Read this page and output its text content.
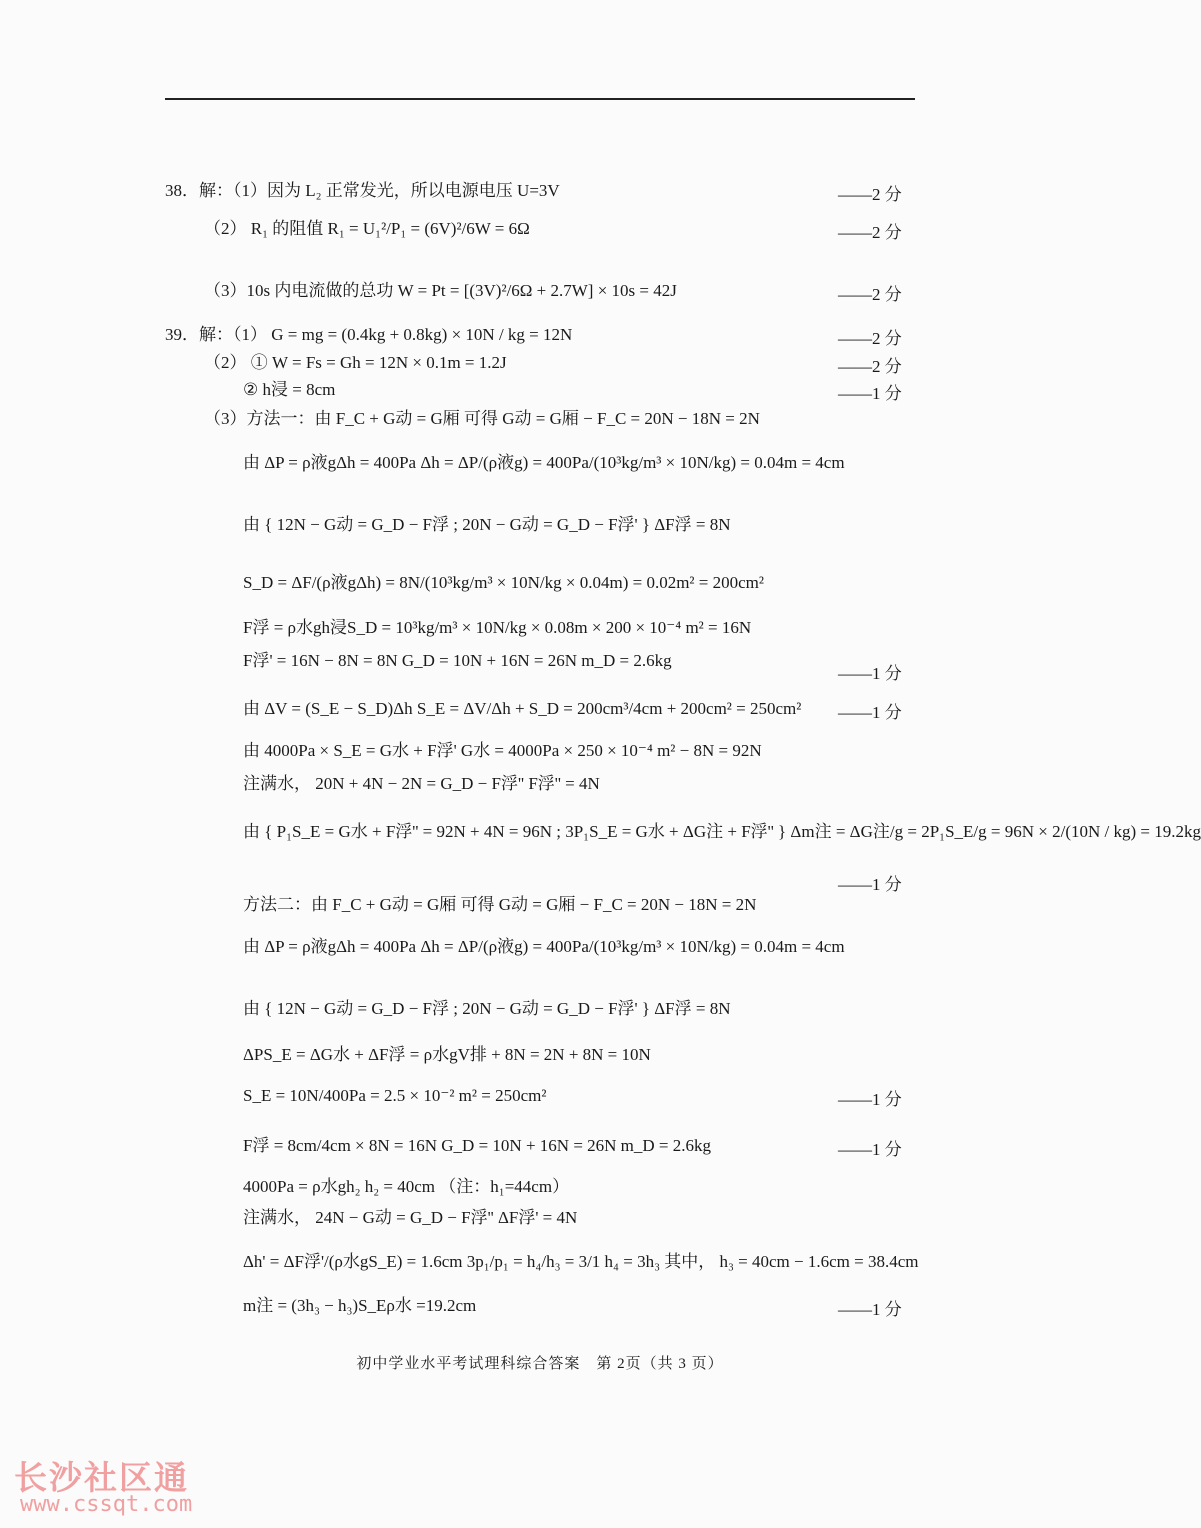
38．解：（1）因为 L₂ 正常发光，所以电源电压 U=3V
（2） R₁ 的阻值 R₁ = U₁²/P₁ = (6V)²/6W = 6Ω
（3）10s 内电流做的总功 W = Pt = [(3V)²/6Ω + 2.7W] × 10s = 42J
39．解：（1） G = mg = (0.4kg + 0.8kg) × 10N / kg = 12N
（2） ① W = Fs = Gh = 12N × 0.1m = 1.2J
② h浸 = 8cm
（3）方法一：由 F_C + G动 = G厢 可得 G动 = G厢 − F_C = 20N − 18N = 2N
由 ΔP = ρ液gΔh = 400Pa Δh = ΔP/(ρ液g) = 400Pa/(10³kg/m³ × 10N/kg) = 0.04m = 4cm
由 { 12N − G动 = G_D − F浮 ; 20N − G动 = G_D − F浮' } ΔF浮 = 8N
S_D = ΔF/(ρ液gΔh) = 8N/(10³kg/m³ × 10N/kg × 0.04m) = 0.02m² = 200cm²
F浮 = ρ水gh浸S_D = 10³kg/m³ × 10N/kg × 0.08m × 200 × 10⁻⁴ m² = 16N
F浮' = 16N − 8N = 8N G_D = 10N + 16N = 26N m_D = 2.6kg
由 ΔV = (S_E − S_D)Δh S_E = ΔV/Δh + S_D = 200cm³/4cm + 200cm² = 250cm²
由 4000Pa × S_E = G水 + F浮' G水 = 4000Pa × 250 × 10⁻⁴ m² − 8N = 92N
注满水， 20N + 4N − 2N = G_D − F浮'' F浮'' = 4N
由 { P₁S_E = G水 + F浮'' = 92N + 4N = 96N ; 3P₁S_E = G水 + ΔG注 + F浮'' } Δm注 = ΔG注/g = 2P₁S_E/g = 96N × 2/(10N / kg) = 19.2kg
方法二：由 F_C + G动 = G厢 可得 G动 = G厢 − F_C = 20N − 18N = 2N
由 ΔP = ρ液gΔh = 400Pa Δh = ΔP/(ρ液g) = 400Pa/(10³kg/m³ × 10N/kg) = 0.04m = 4cm
由 { 12N − G动 = G_D − F浮 ; 20N − G动 = G_D − F浮' } ΔF浮 = 8N
ΔPS_E = ΔG水 + ΔF浮 = ρ水gV排 + 8N = 2N + 8N = 10N
S_E = 10N/400Pa = 2.5 × 10⁻² m² = 250cm²
F浮 = 8cm/4cm × 8N = 16N G_D = 10N + 16N = 26N m_D = 2.6kg
4000Pa = ρ水gh₂ h₂ = 40cm （注：h₁=44cm）
注满水， 24N − G动 = G_D − F浮'' ΔF浮' = 4N
Δh' = ΔF浮'/(ρ水gS_E) = 1.6cm 3p₁/p₁ = h₄/h₃ = 3/1 h₄ = 3h₃ 其中， h₃ = 40cm − 1.6cm = 38.4cm
m注 = (3h₃ − h₃)S_Eρ水 =19.2cm
——2 分
——2 分
——2 分
——2 分
——2 分
——1 分
——1 分
——1 分
——1 分
——1 分
——1 分
——1 分
初中学业水平考试理科综合答案　第 2页（共 3 页）
长沙社区通
www.cssqt.com
